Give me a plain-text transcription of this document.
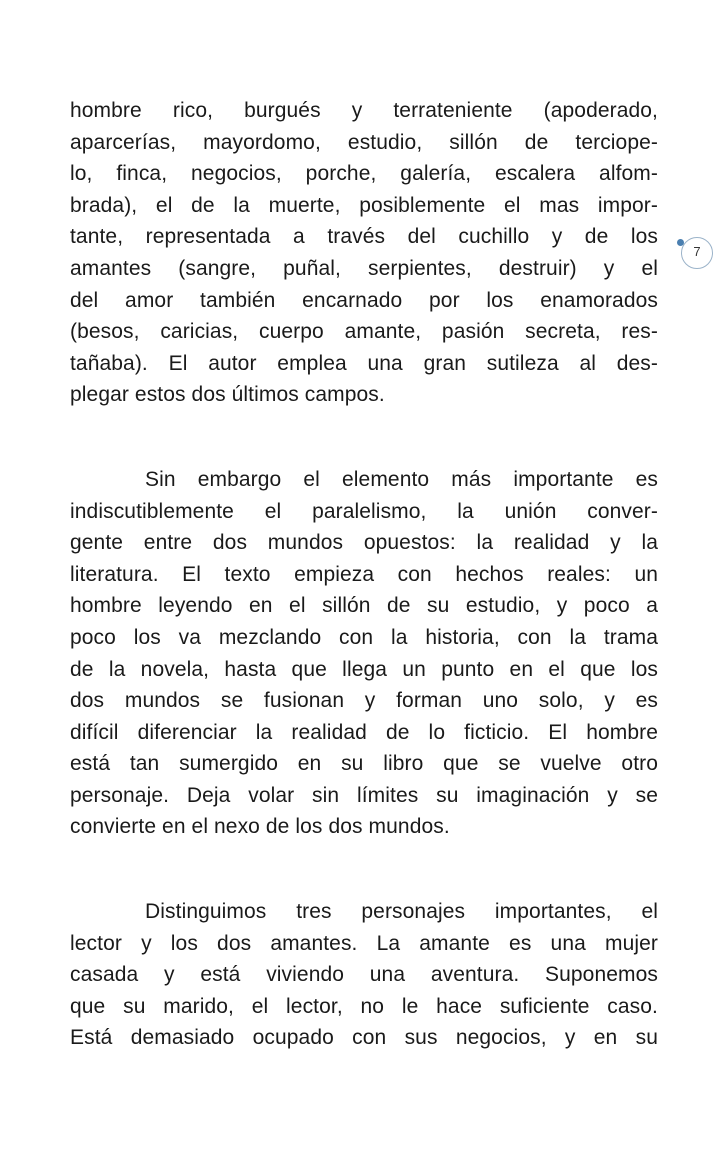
hombre rico, burgués y terrateniente (apoderado,
aparcerías, mayordomo, estudio, sillón de terciope-
lo, finca, negocios, porche, galería, escalera alfom-
brada), el de la muerte, posiblemente el mas impor-
tante, representada a través del cuchillo y de los
amantes (sangre, puñal, serpientes, destruir) y el
del amor también encarnado por los enamorados
(besos, caricias, cuerpo amante, pasión secreta, res-
tañaba). El autor emplea una gran sutileza al des-
plegar estos dos últimos campos.
Sin embargo el elemento más importante es
indiscutiblemente el paralelismo, la unión conver-
gente entre dos mundos opuestos: la realidad y la
literatura. El texto empieza con hechos reales: un
hombre leyendo en el sillón de su estudio, y poco a
poco los va mezclando con la historia, con la trama
de la novela, hasta que llega un punto en el que los
dos mundos se fusionan y forman uno solo, y es
difícil diferenciar la realidad de lo ficticio. El hombre
está tan sumergido en su libro que se vuelve otro
personaje. Deja volar sin límites su imaginación y se
convierte en el nexo de los dos mundos.
Distinguimos tres personajes importantes, el
lector y los dos amantes. La amante es una mujer
casada y está viviendo una aventura. Suponemos
que su marido, el lector, no le hace suficiente caso.
Está demasiado ocupado con sus negocios, y en su
7
